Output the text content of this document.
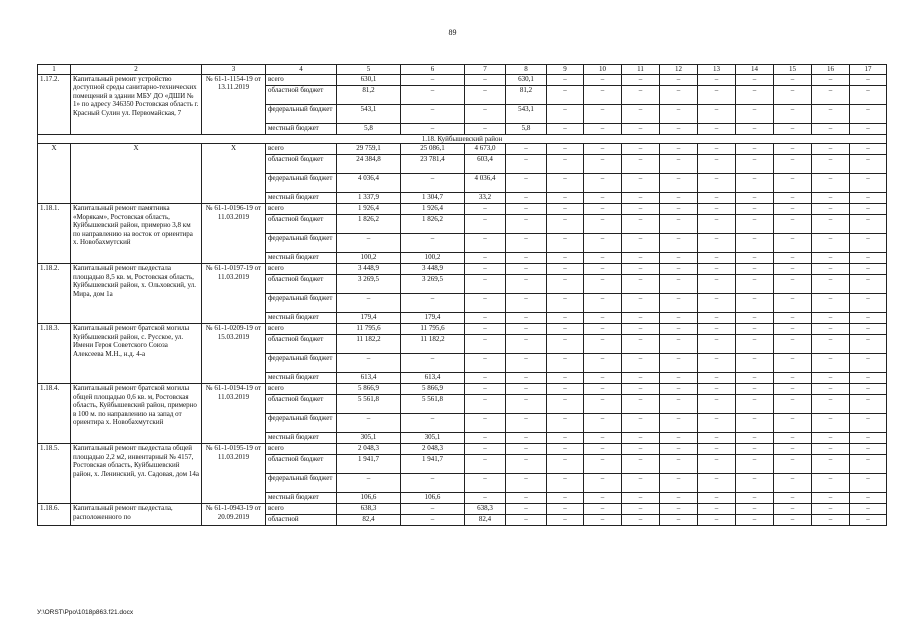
89
1	2	3	4	5	6	7	8	9	10	11	12	13	14	15	16	17
1.17.2.	Капитальный ремонт устройство доступной среды санитарно-технических помещений в здании МБУ ДО «ДШИ № 1» по адресу 346350 Ростовская область г. Красный Сулин ул. Первомайская, 7	№ 61-1-1154-19 от 13.11.2019	всего	630,1	–	–	630,1	–	–	–	–	–	–	–	–	–
			областной бюджет	81,2	–	–	81,2	–	–	–	–	–	–	–	–	–
			федеральный бюджет	543,1	–	–	543,1	–	–	–	–	–	–	–	–	–
			местный бюджет	5,8	–	–	5,8	–	–	–	–	–	–	–	–	–
1.18. Куйбышевский район																
Х	Х	Х	всего	29 759,1	25 086,1	4 673,0	–	–	–	–	–	–	–	–	–	–
			областной бюджет	24 384,8	23 781,4	603,4	–	–	–	–	–	–	–	–	–	–
			федеральный бюджет	4 036,4	–	4 036,4	–	–	–	–	–	–	–	–	–	–
			местный бюджет	1 337,9	1 304,7	33,2	–	–	–	–	–	–	–	–	–	–
1.18.1.	Капитальный ремонт памятника «Морякам», Ростовская область, Куйбышевский район, примерно 3,8 км по направлению на восток от ориентира х. Новобахмутский	№ 61-1-0196-19 от 11.03.2019	всего	1 926,4	1 926,4	–	–	–	–	–	–	–	–	–	–	–
			областной бюджет	1 826,2	1 826,2	–	–	–	–	–	–	–	–	–	–	–
			федеральный бюджет	–	–	–	–	–	–	–	–	–	–	–	–	–
			местный бюджет	100,2	100,2	–	–	–	–	–	–	–	–	–	–	–
1.18.2.	Капитальный ремонт пьедестала площадью 8,5 кв. м, Ростовская область, Куйбышевский район, х. Ольховский, ул. Мира, дом 1а	№ 61-1-0197-19 от 11.03.2019	всего	3 448,9	3 448,9	–	–	–	–	–	–	–	–	–	–	–
			областной бюджет	3 269,5	3 269,5	–	–	–	–	–	–	–	–	–	–	–
			федеральный бюджет	–	–	–	–	–	–	–	–	–	–	–	–	–
			местный бюджет	179,4	179,4	–	–	–	–	–	–	–	–	–	–	–
1.18.3.	Капитальный ремонт братской могилы Куйбышевский район, с. Русское, ул. Имени Героя Советского Союза Алексеева М.Н., н.д. 4-а	№ 61-1-0209-19 от 15.03.2019	всего	11 795,6	11 795,6	–	–	–	–	–	–	–	–	–	–	–
			областной бюджет	11 182,2	11 182,2	–	–	–	–	–	–	–	–	–	–	–
			федеральный бюджет	–	–	–	–	–	–	–	–	–	–	–	–	–
			местный бюджет	613,4	613,4	–	–	–	–	–	–	–	–	–	–	–
1.18.4.	Капитальный ремонт братской могилы общей площадью 0,6 кв. м, Ростовская область, Куйбышевский район, примерно в 100 м. по направлению на запад от ориентира х. Новобахмутский	№ 61-1-0194-19 от 11.03.2019	всего	5 866,9	5 866,9	–	–	–	–	–	–	–	–	–	–	–
			областной бюджет	5 561,8	5 561,8	–	–	–	–	–	–	–	–	–	–	–
			федеральный бюджет	–	–	–	–	–	–	–	–	–	–	–	–	–
			местный бюджет	305,1	305,1	–	–	–	–	–	–	–	–	–	–	–
1.18.5.	Капитальный ремонт пьедестала общей площадью 2,2 м2, инвентарный № 4157, Ростовская область, Куйбышевский район, х. Ленинский, ул. Садовая, дом 14а	№ 61-1-0195-19 от 11.03.2019	всего	2 048,3	2 048,3	–	–	–	–	–	–	–	–	–	–	–
			областной бюджет	1 941,7	1 941,7	–	–	–	–	–	–	–	–	–	–	–
			федеральный бюджет	–	–	–	–	–	–	–	–	–	–	–	–	–
			местный бюджет	106,6	106,6	–	–	–	–	–	–	–	–	–	–	–
1.18.6.	Капитальный ремонт пьедестала, расположенного по	№ 61-1-0943-19 от 20.09.2019	всего	638,3	–	638,3	–	–	–	–	–	–	–	–	–	–
			областной	82,4	–	82,4	–	–	–	–	–	–	–	–	–	–
У:\ORST\Ppo\1018p863.f21.docx
